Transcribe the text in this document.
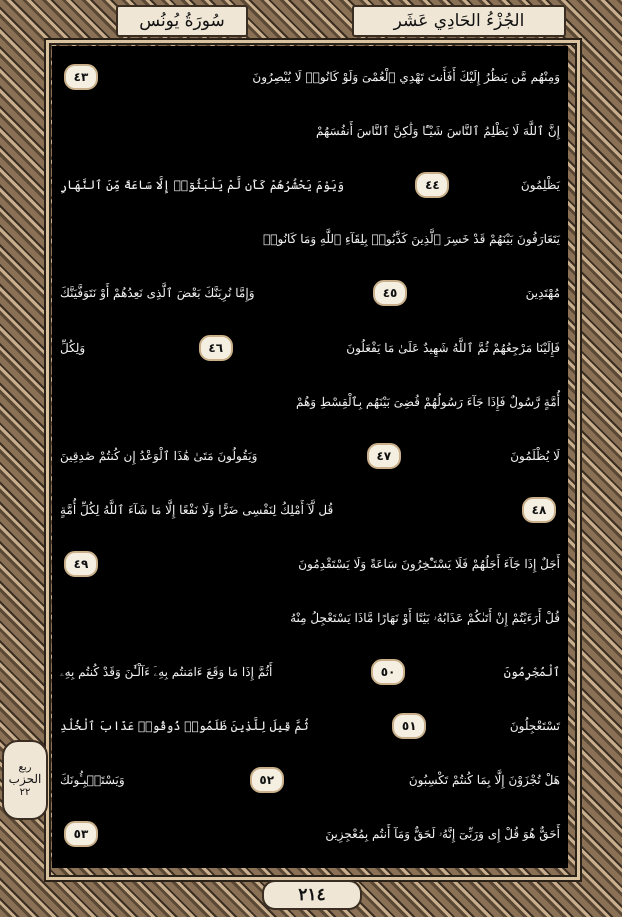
الجُزْءُ الحَادِي عَشَر
سُورَةُ يُونُس
وَمِنْهُم مَّن يَنظُرُ إِلَيْكَ أَفَأَنتَ تَهْدِي ٱلْعُمْىَ وَلَوْ كَانُوا۟ لَا يُبْصِرُونَ
٤٣
إِنَّ ٱللَّهَ لَا يَظْلِمُ ٱلنَّاسَ شَيْـًٔا وَلَٰكِنَّ ٱلنَّاسَ أَنفُسَهُمْ
يَظْلِمُونَ
٤٤
وَيَوْمَ يَحْشُرُهُمْ كَأَن لَّمْ يَلْبَثُوٓا۟ إِلَّا سَاعَةً مِّنَ ٱلنَّهَارِ
يَتَعَارَفُونَ بَيْنَهُمْ قَدْ خَسِرَ ٱلَّذِينَ كَذَّبُوا۟ بِلِقَآءِ ٱللَّهِ وَمَا كَانُوا۟
مُهْتَدِينَ
٤٥
وَإِمَّا نُرِيَنَّكَ بَعْضَ ٱلَّذِى نَعِدُهُمْ أَوْ نَتَوَفَّيَنَّكَ
فَإِلَيْنَا مَرْجِعُهُمْ ثُمَّ ٱللَّهُ شَهِيدٌ عَلَىٰ مَا يَفْعَلُونَ
٤٦
وَلِكُلِّ
أُمَّةٍ رَّسُولٌ فَإِذَا جَآءَ رَسُولُهُمْ قُضِىَ بَيْنَهُم بِٱلْقِسْطِ وَهُمْ
لَا يُظْلَمُونَ
٤٧
وَيَقُولُونَ مَتَىٰ هَٰذَا ٱلْوَعْدُ إِن كُنتُمْ صَٰدِقِينَ
٤٨
قُل لَّآ أَمْلِكُ لِنَفْسِى ضَرًّا وَلَا نَفْعًا إِلَّا مَا شَآءَ ٱللَّهُ لِكُلِّ أُمَّةٍ
أَجَلٌ إِذَا جَآءَ أَجَلُهُمْ فَلَا يَسْتَـْٔخِرُونَ سَاعَةً وَلَا يَسْتَقْدِمُونَ
٤٩
قُلْ أَرَءَيْتُمْ إِنْ أَتَىٰكُمْ عَذَابُهُۥ بَيَٰتًا أَوْ نَهَارًا مَّاذَا يَسْتَعْجِلُ مِنْهُ
ٱلْمُجْرِمُونَ
٥٠
أَثُمَّ إِذَا مَا وَقَعَ ءَامَنتُم بِهِۦٓ ءَآلْـَٰٔنَ وَقَدْ كُنتُم بِهِۦ
تَسْتَعْجِلُونَ
٥١
ثُمَّ قِيلَ لِلَّذِينَ ظَلَمُوا۟ ذُوقُوا۟ عَذَابَ ٱلْخُلْدِ
هَلْ تُجْزَوْنَ إِلَّا بِمَا كُنتُمْ تَكْسِبُونَ
٥٢
وَيَسْتَنۢبِـُٔونَكَ
أَحَقٌّ هُوَ قُلْ إِى وَرَبِّىٓ إِنَّهُۥ لَحَقٌّ وَمَآ أَنتُم بِمُعْجِزِينَ
٥٣
ربع
الحزب
٢٢
٢١٤
